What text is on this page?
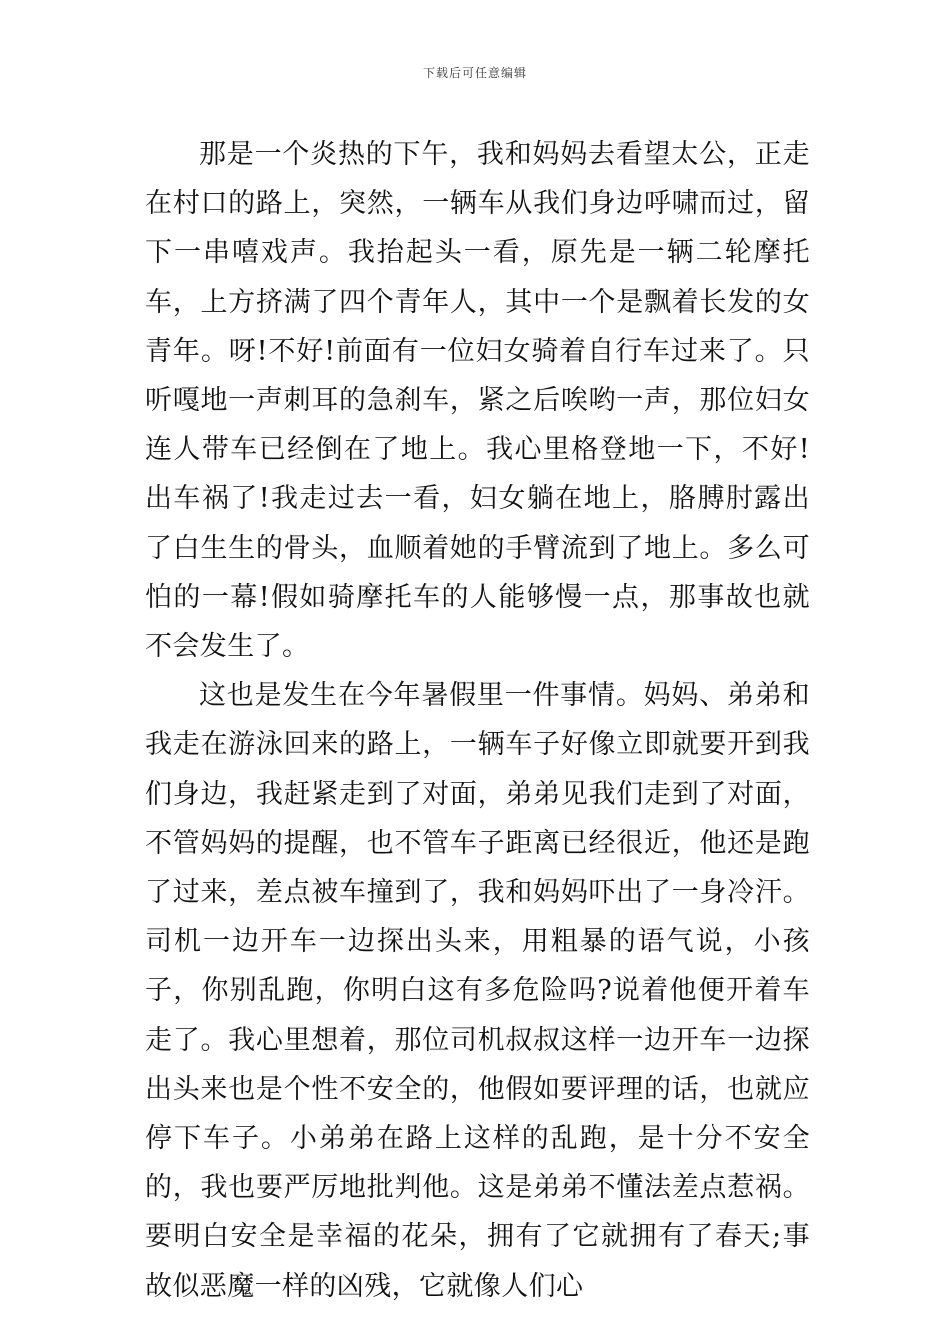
下载后可任意编辑

那是一个炎热的下午，我和妈妈去看望太公，正走在村口的路上，突然，一辆车从我们身边呼啸而过，留下一串嘻戏声。我抬起头一看，原先是一辆二轮摩托车，上方挤满了四个青年人，其中一个是飘着长发的女青年。呀!不好!前面有一位妇女骑着自行车过来了。只听嘎地一声刺耳的急刹车，紧之后唉哟一声，那位妇女连人带车已经倒在了地上。我心里格登地一下，不好!出车祸了!我走过去一看，妇女躺在地上，胳膊肘露出了白生生的骨头，血顺着她的手臂流到了地上。多么可怕的一幕!假如骑摩托车的人能够慢一点，那事故也就不会发生了。

这也是发生在今年暑假里一件事情。妈妈、弟弟和我走在游泳回来的路上，一辆车子好像立即就要开到我们身边，我赶紧走到了对面，弟弟见我们走到了对面，不管妈妈的提醒，也不管车子距离已经很近，他还是跑了过来，差点被车撞到了，我和妈妈吓出了一身冷汗。司机一边开车一边探出头来，用粗暴的语气说，小孩子，你别乱跑，你明白这有多危险吗?说着他便开着车走了。我心里想着，那位司机叔叔这样一边开车一边探出头来也是个性不安全的，他假如要评理的话，也就应停下车子。小弟弟在路上这样的乱跑，是十分不安全的，我也要严厉地批判他。这是弟弟不懂法差点惹祸。要明白安全是幸福的花朵，拥有了它就拥有了春天;事故似恶魔一样的凶残，它就像人们心
